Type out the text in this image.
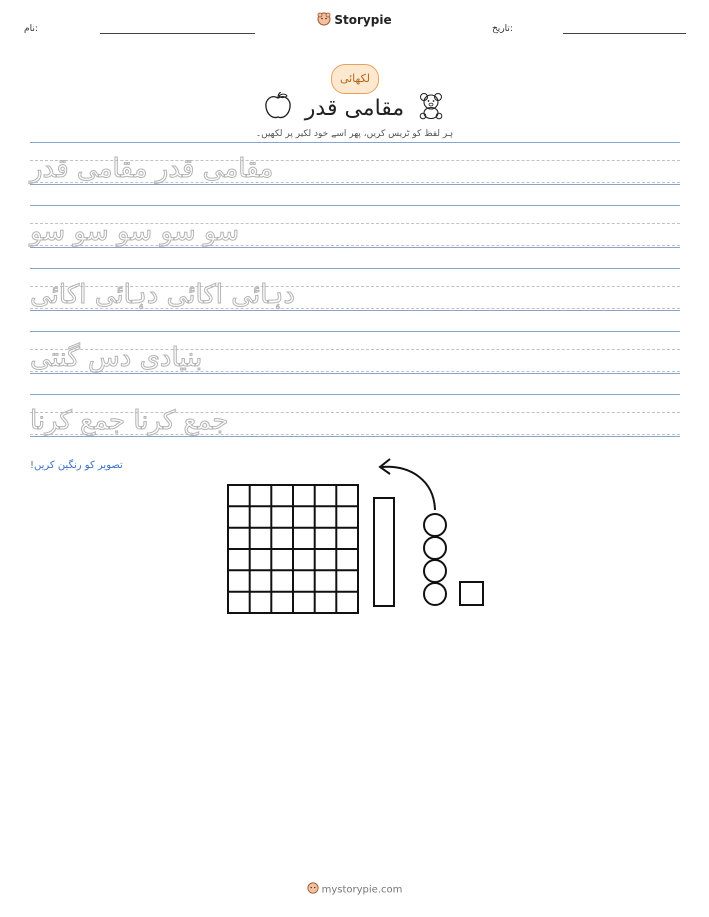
نام:
Storypie
تاریخ:
لکھائی
مقامی قدر
ہر لفظ کو ٹریس کریں، پھر اسے خود لکیر پر لکھیں۔
مقامی قدر مقامی قدر
سو سو سو سو سو
دہائی اکائی دہائی اکائی
بنیادی دس گنتی
جمع کرنا جمع کرنا
تصویر کو رنگین کریں!
mystorypie.com
